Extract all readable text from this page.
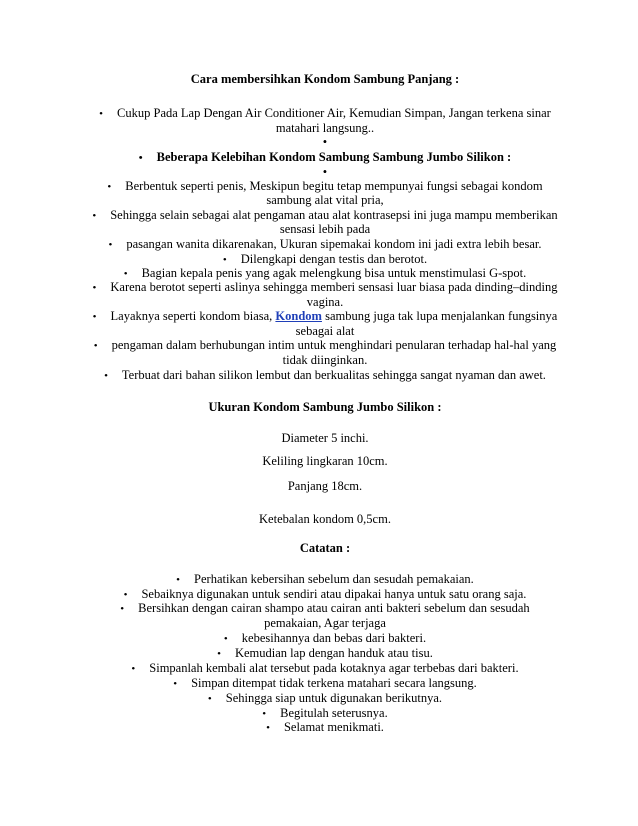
Cara membersihkan Kondom Sambung Panjang :
• Cukup Pada Lap Dengan Air Conditioner Air, Kemudian Simpan, Jangan terkena sinar
matahari langsung..
•
• Beberapa Kelebihan Kondom Sambung Sambung Jumbo Silikon :
•
• Berbentuk seperti penis, Meskipun begitu tetap mempunyai fungsi sebagai kondom
sambung alat vital pria,
• Sehingga selain sebagai alat pengaman atau alat kontrasepsi ini juga mampu memberikan
sensasi lebih pada
• pasangan wanita dikarenakan, Ukuran sipemakai kondom ini jadi extra lebih besar.
• Dilengkapi dengan testis dan berotot.
• Bagian kepala penis yang agak melengkung bisa untuk menstimulasi G-spot.
• Karena berotot seperti aslinya sehingga memberi sensasi luar biasa pada dinding–dinding
vagina.
• Layaknya seperti kondom biasa, Kondom sambung juga tak lupa menjalankan fungsinya
sebagai alat
• pengaman dalam berhubungan intim untuk menghindari penularan terhadap hal-hal yang
tidak diinginkan.
• Terbuat dari bahan silikon lembut dan berkualitas sehingga sangat nyaman dan awet.
Ukuran Kondom Sambung Jumbo Silikon :
Diameter 5 inchi.
Keliling lingkaran 10cm.
Panjang 18cm.
Ketebalan kondom 0,5cm.
Catatan :
• Perhatikan kebersihan sebelum dan sesudah pemakaian.
• Sebaiknya digunakan untuk sendiri atau dipakai hanya untuk satu orang saja.
• Bersihkan dengan cairan shampo atau cairan anti bakteri sebelum dan sesudah
pemakaian, Agar terjaga
• kebesihannya dan bebas dari bakteri.
• Kemudian lap dengan handuk atau tisu.
• Simpanlah kembali alat tersebut pada kotaknya agar terbebas dari bakteri.
• Simpan ditempat tidak terkena matahari secara langsung.
• Sehingga siap untuk digunakan berikutnya.
• Begitulah seterusnya.
• Selamat menikmati.
